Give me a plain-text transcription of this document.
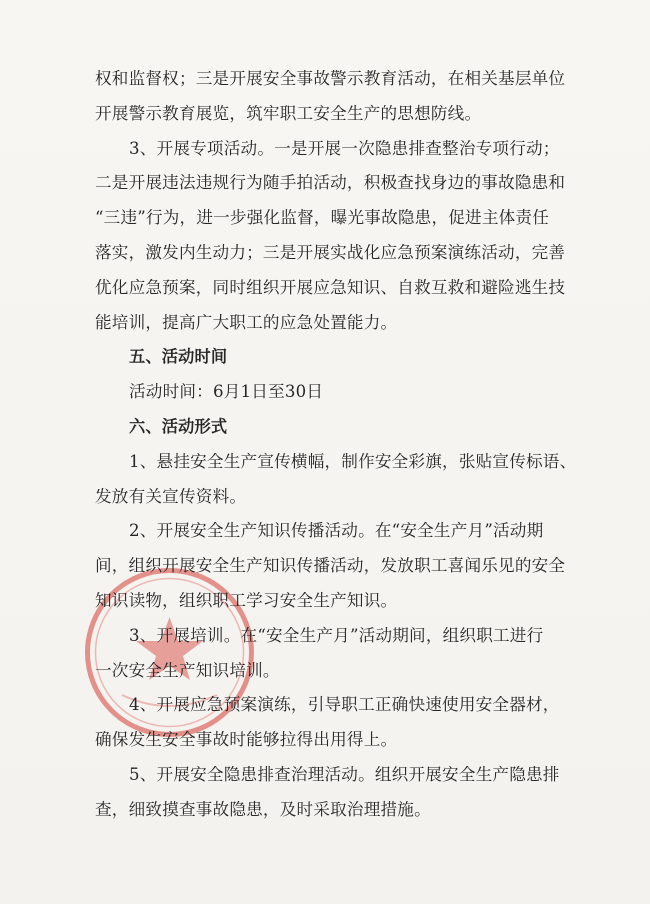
权和监督权；三是开展安全事故警示教育活动，在相关基层单位
开展警示教育展览，筑牢职工安全生产的思想防线。
3、开展专项活动。一是开展一次隐患排查整治专项行动；
二是开展违法违规行为随手拍活动，积极查找身边的事故隐患和
“三违”行为，进一步强化监督，曝光事故隐患，促进主体责任
落实，激发内生动力；三是开展实战化应急预案演练活动，完善
优化应急预案，同时组织开展应急知识、自救互救和避险逃生技
能培训，提高广大职工的应急处置能力。
五、活动时间
活动时间：6月1日至30日
六、活动形式
1、悬挂安全生产宣传横幅，制作安全彩旗，张贴宣传标语、
发放有关宣传资料。
2、开展安全生产知识传播活动。在“安全生产月”活动期
间，组织开展安全生产知识传播活动，发放职工喜闻乐见的安全
知识读物，组织职工学习安全生产知识。
3、开展培训。在“安全生产月”活动期间，组织职工进行
一次安全生产知识培训。
4、开展应急预案演练，引导职工正确快速使用安全器材，
确保发生安全事故时能够拉得出用得上。
5、开展安全隐患排查治理活动。组织开展安全生产隐患排
查，细致摸查事故隐患，及时采取治理措施。
